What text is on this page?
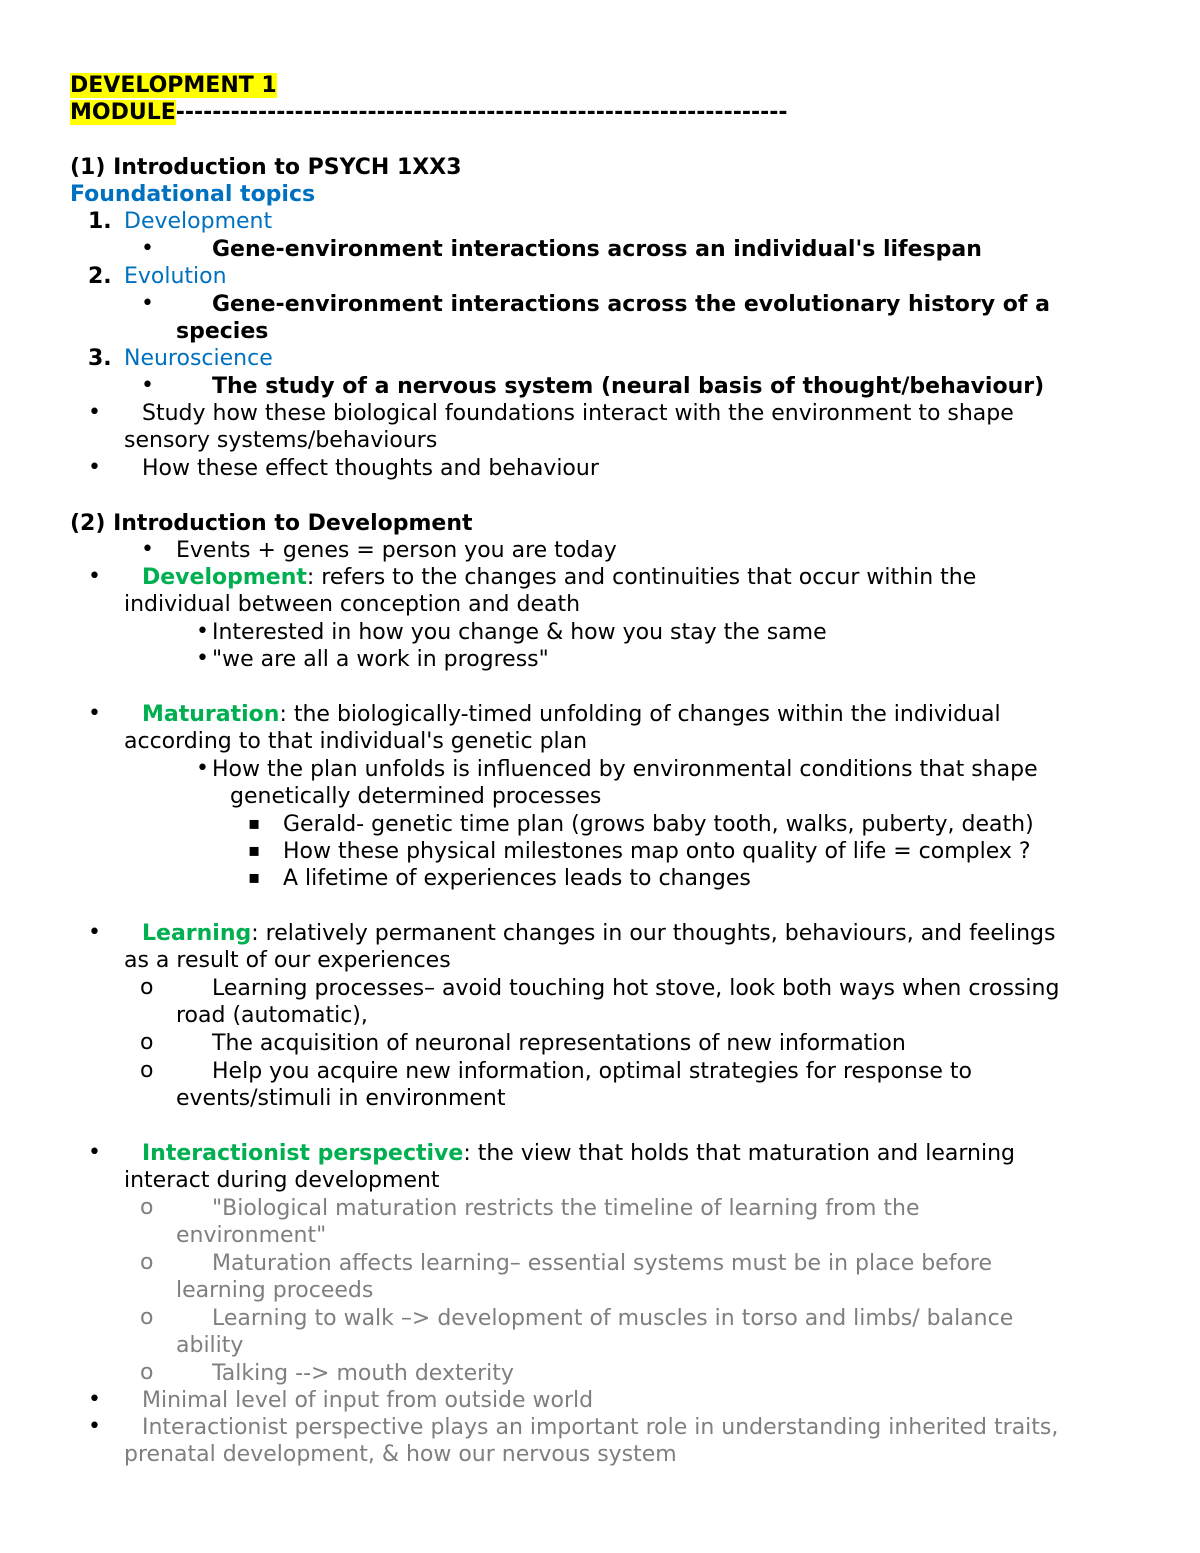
DEVELOPMENT 1
MODULE-------------------------------------------------------------------
(1) Introduction to PSYCH 1XX3
Foundational topics
1. Development
•	Gene-environment interactions across an individual's lifespan
2. Evolution
•	Gene-environment interactions across the evolutionary history of a
species
3. Neuroscience
•	The study of a nervous system (neural basis of thought/behaviour)
• Study how these biological foundations interact with the environment to shape
sensory systems/behaviours
• How these effect thoughts and behaviour
(2) Introduction to Development
• Events + genes = person you are today
• Development: refers to the changes and continuities that occur within the
individual between conception and death
• Interested in how you change & how you stay the same
• "we are all a work in progress"
• Maturation: the biologically-timed unfolding of changes within the individual
according to that individual's genetic plan
• How the plan unfolds is influenced by environmental conditions that shape
genetically determined processes
▪ Gerald- genetic time plan (grows baby tooth, walks, puberty, death)
▪ How these physical milestones map onto quality of life = complex ?
▪ A lifetime of experiences leads to changes
• Learning: relatively permanent changes in our thoughts, behaviours, and feelings
as a result of our experiences
o	Learning processes– avoid touching hot stove, look both ways when crossing
road (automatic),
o	The acquisition of neuronal representations of new information
o	Help you acquire new information, optimal strategies for response to
events/stimuli in environment
• Interactionist perspective: the view that holds that maturation and learning
interact during development
o	"Biological maturation restricts the timeline of learning from the
environment"
o	Maturation affects learning– essential systems must be in place before
learning proceeds
o	Learning to walk –> development of muscles in torso and limbs/ balance
ability
o	Talking --> mouth dexterity
• Minimal level of input from outside world
• Interactionist perspective plays an important role in understanding inherited traits,
prenatal development, & how our nervous system
